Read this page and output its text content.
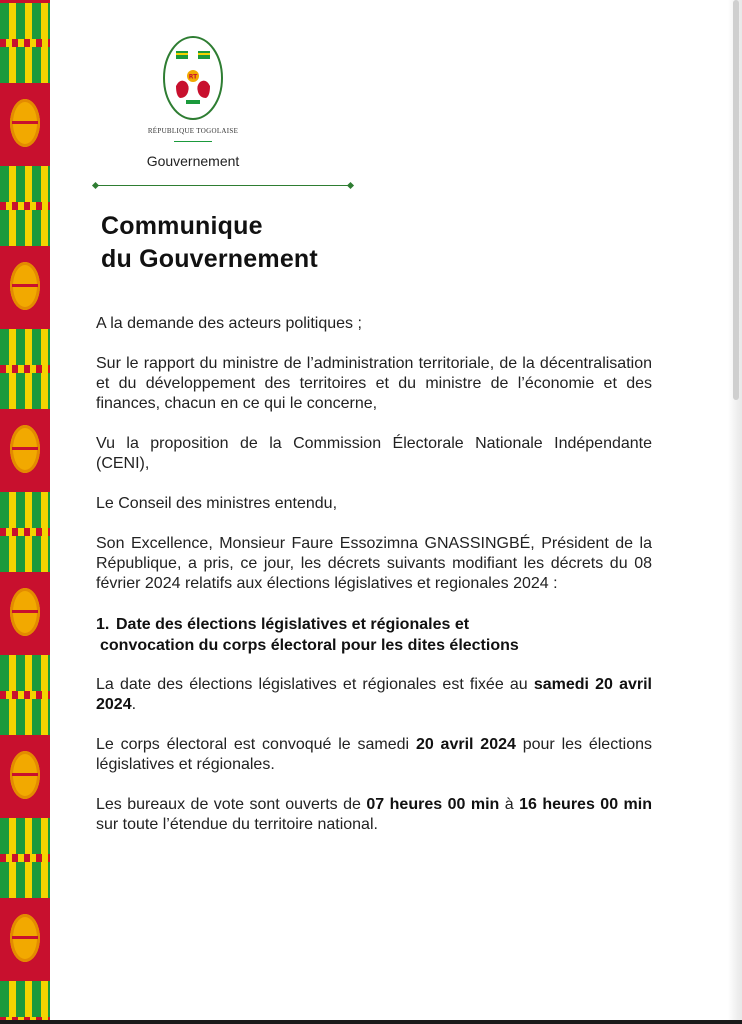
RT
RÉPUBLIQUE TOGOLAISE
Gouvernement
Communique
du Gouvernement

A la demande des acteurs politiques ;

Sur le rapport du ministre de l’administration territoriale, de la décentralisation et du développement des territoires et du ministre de l’économie et des finances, chacun en ce qui le concerne,

Vu la proposition de la Commission Électorale Nationale Indépendante (CENI),

Le Conseil des ministres entendu,

Son Excellence, Monsieur Faure Essozimna GNASSINGBÉ, Président de la République, a pris, ce jour, les décrets suivants modifiant les décrets du 08 février 2024 relatifs aux élections législatives et regionales 2024 :

1. Date des élections législatives et régionales et
convocation du corps électoral pour les dites élections

La date des élections législatives et régionales est fixée au samedi 20 avril 2024.

Le corps électoral est convoqué le samedi 20 avril 2024 pour les élections législatives et régionales.

Les bureaux de vote sont ouverts de 07 heures 00 min à 16 heures 00 min sur toute l’étendue du territoire national.
